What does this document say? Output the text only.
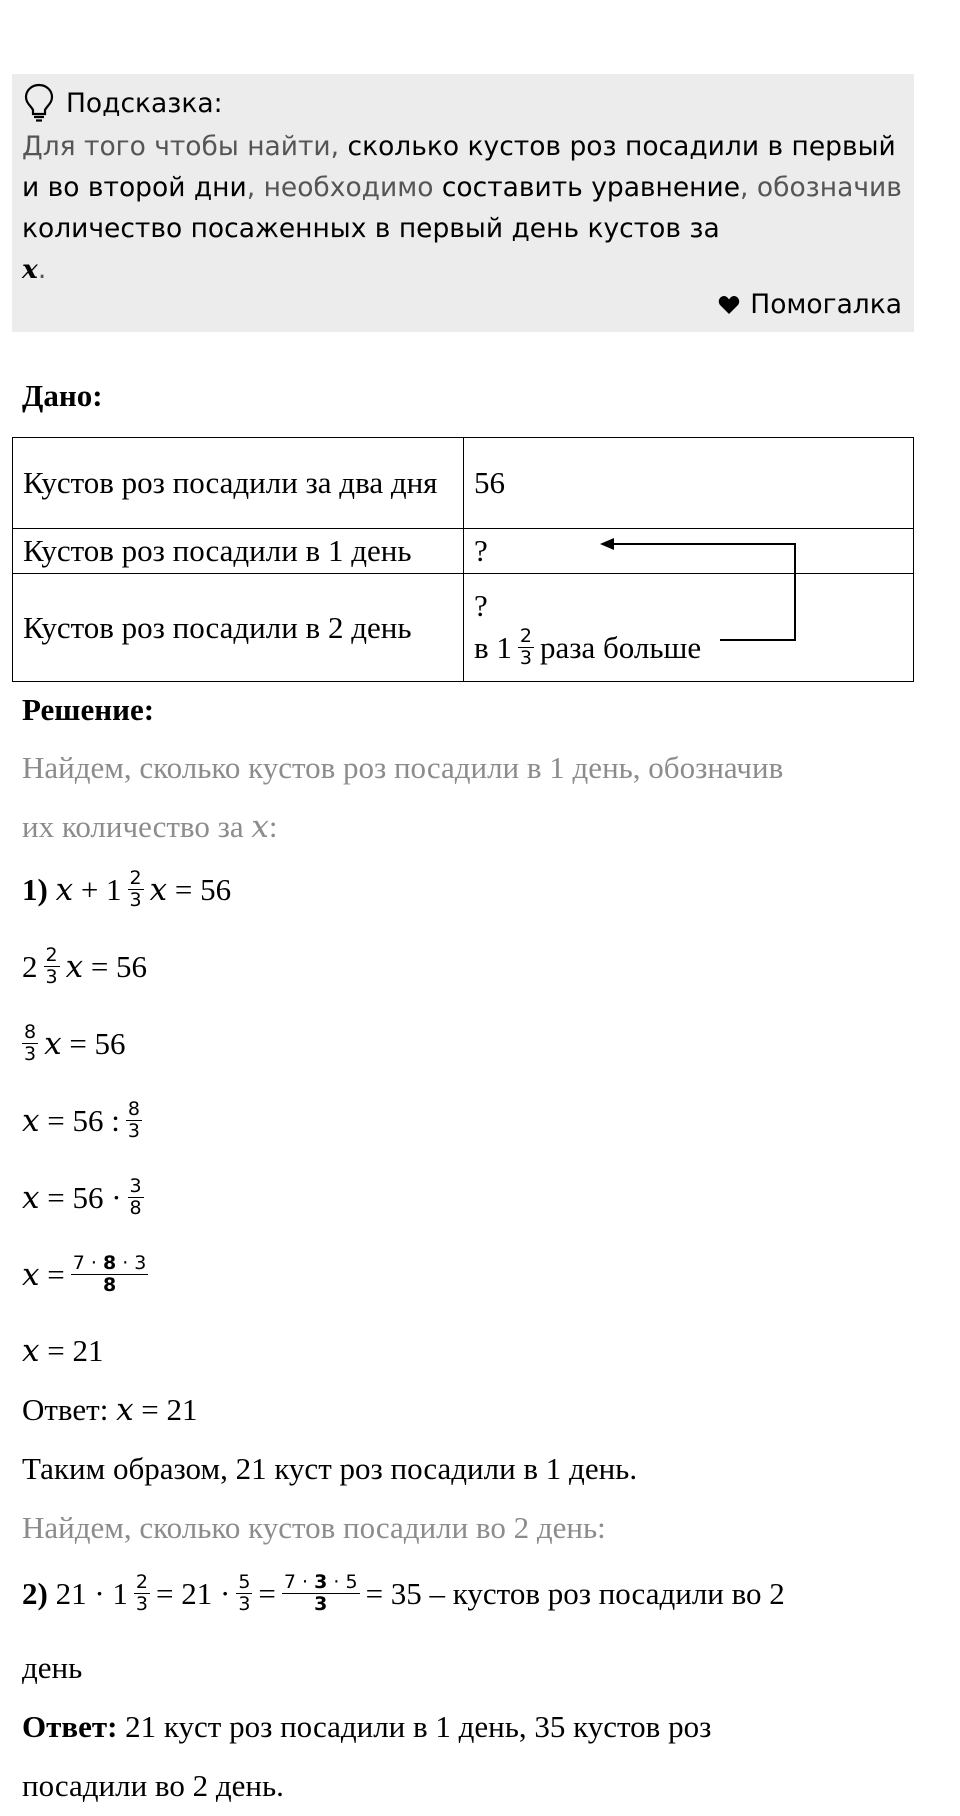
Подсказка:
Для того чтобы найти, сколько кустов роз посадили в первый и во второй дни, необходимо составить уравнение, обозначив количество посаженных в первый день кустов за
x.
Помогалка
Дано:
Кустов роз посадили за два дня	56
Кустов роз посадили в 1 день	?
Кустов роз посадили в 2 день	?
в $1 \frac{2}{3}$ раза больше
Решение:
Найдем, сколько кустов роз посадили в 1 день, обозначив
их количество за
x :
1)
x
+ $1 \frac{2}{3}$ x
= 56
$2 \frac{2}{3}$ x
= 56
$\frac{8}{3}$ x
= 56
x
= 56 : $\frac{8}{3}$
x
= $56 \cdot \frac{3}{8}$
x
= $\frac{7 \cdot 8 \cdot 3}{8}$
x
= 21
Ответ:
x
= 21
Таким образом, 21 куст роз посадили в 1 день.
Найдем, сколько кустов посадили во 2 день:
2)
$21 \cdot 1 \frac{2}{3} = 21 \cdot \frac{5}{3} = \frac{7 \cdot 3 \cdot 5}{3} = 35$ – кустов роз посадили во 2
день
Ответ:
21 куст роз посадили в 1 день, 35 кустов роз
посадили во 2 день.
